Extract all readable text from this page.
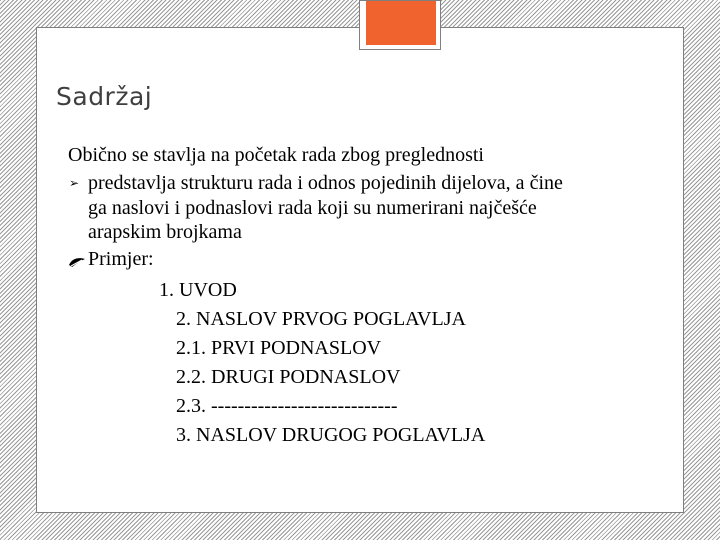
Sadržaj
Obično se stavlja na početak rada zbog preglednosti
➢ predstavlja strukturu rada i odnos pojedinih dijelova, a čine
ga naslovi i podnaslovi rada koji su numerirani najčešće
arapskim brojkama
Primjer:
1. UVOD
2. NASLOV PRVOG POGLAVLJA
2.1. PRVI PODNASLOV
2.2. DRUGI PODNASLOV
2.3. ----------------------------
3. NASLOV DRUGOG POGLAVLJA
